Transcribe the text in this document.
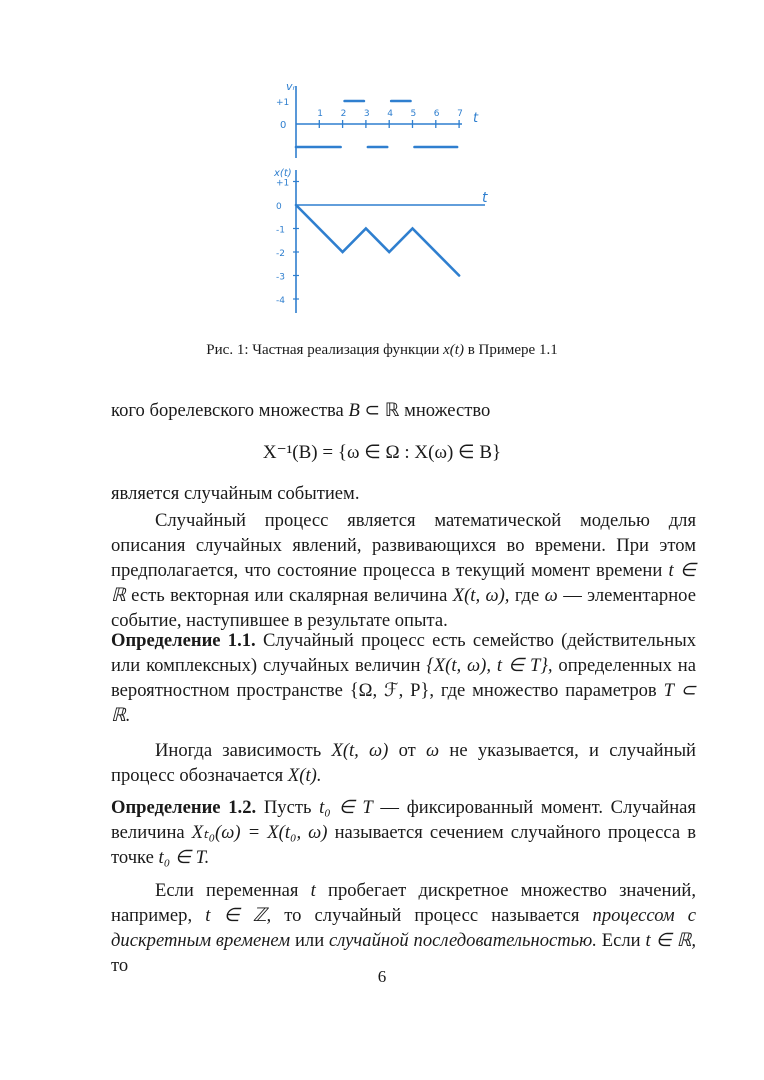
vₙ
+1
0
1 2 3 4 5 6 7 t
x(t)
+1
0
-1
-2
-3
-4
t
Рис. 1: Частная реализация функции x(t) в Примере 1.1
кого борелевского множества B ⊂ ℝ множество
X⁻¹(B) = {ω ∈ Ω : X(ω) ∈ B}
является случайным событием.
Случайный процесс является математической моделью для описания случайных явлений, развивающихся во времени. При этом предполагается, что состояние процесса в текущий момент времени t ∈ ℝ есть векторная или скалярная величина X(t, ω), где ω — элементарное событие, наступившее в результате опыта.
Определение 1.1. Случайный процесс есть семейство (действительных или комплексных) случайных величин {X(t, ω), t ∈ T}, определенных на вероятностном пространстве {Ω, ℱ, P}, где множество параметров T ⊂ ℝ.
Иногда зависимость X(t, ω) от ω не указывается, и случайный процесс обозначается X(t).
Определение 1.2. Пусть t₀ ∈ T — фиксированный момент. Случайная величина Xₜ₀(ω) = X(t₀, ω) называется сечением случайного процесса в точке t₀ ∈ T.
Если переменная t пробегает дискретное множество значений, например, t ∈ ℤ, то случайный процесс называется процессом с дискретным временем или случайной последовательностью. Если t ∈ ℝ, то
6
